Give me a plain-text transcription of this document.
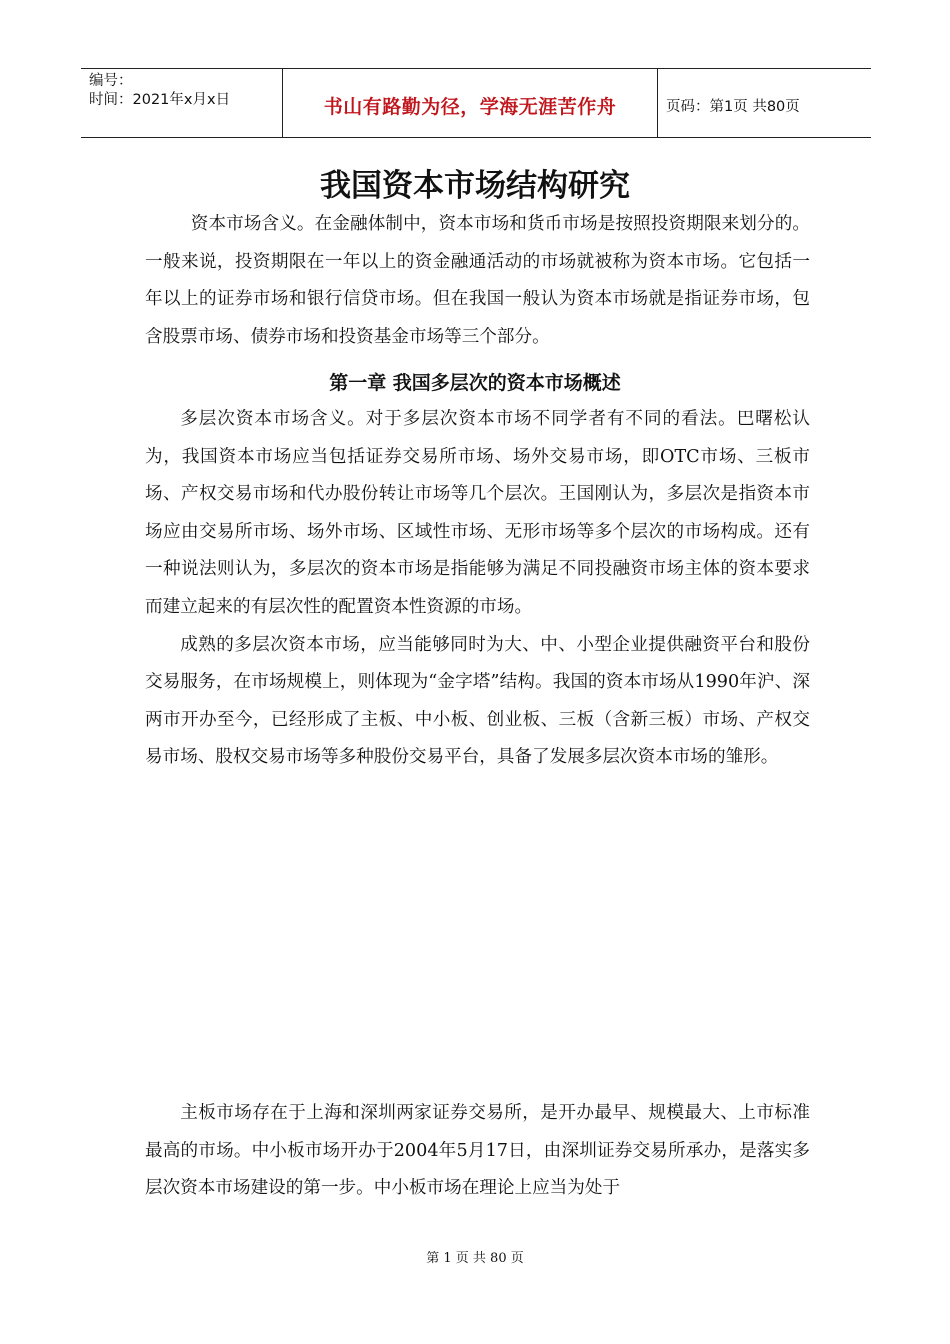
编号：
时间：2021年x月x日	书山有路勤为径，学海无涯苦作舟	页码：第1页 共80页
我国资本市场结构研究

资本市场含义。在金融体制中，资本市场和货币市场是按照投资期限来划分的。一般来说，投资期限在一年以上的资金融通活动的市场就被称为资本市场。它包括一年以上的证券市场和银行信贷市场。但在我国一般认为资本市场就是指证券市场，包含股票市场、债券市场和投资基金市场等三个部分。

第一章 我国多层次的资本市场概述

多层次资本市场含义。对于多层次资本市场不同学者有不同的看法。巴曙松认为，我国资本市场应当包括证券交易所市场、场外交易市场，即OTC市场、三板市场、产权交易市场和代办股份转让市场等几个层次。王国刚认为，多层次是指资本市场应由交易所市场、场外市场、区域性市场、无形市场等多个层次的市场构成。还有一种说法则认为，多层次的资本市场是指能够为满足不同投融资市场主体的资本要求而建立起来的有层次性的配置资本性资源的市场。

成熟的多层次资本市场，应当能够同时为大、中、小型企业提供融资平台和股份交易服务，在市场规模上，则体现为“金字塔”结构。我国的资本市场从1990年沪、深两市开办至今，已经形成了主板、中小板、创业板、三板（含新三板）市场、产权交易市场、股权交易市场等多种股份交易平台，具备了发展多层次资本市场的雏形。

主板市场存在于上海和深圳两家证券交易所，是开办最早、规模最大、上市标准最高的市场。中小板市场开办于2004年5月17日，由深圳证券交易所承办，是落实多层次资本市场建设的第一步。中小板市场在理论上应当为处于

第 1 页 共 80 页
